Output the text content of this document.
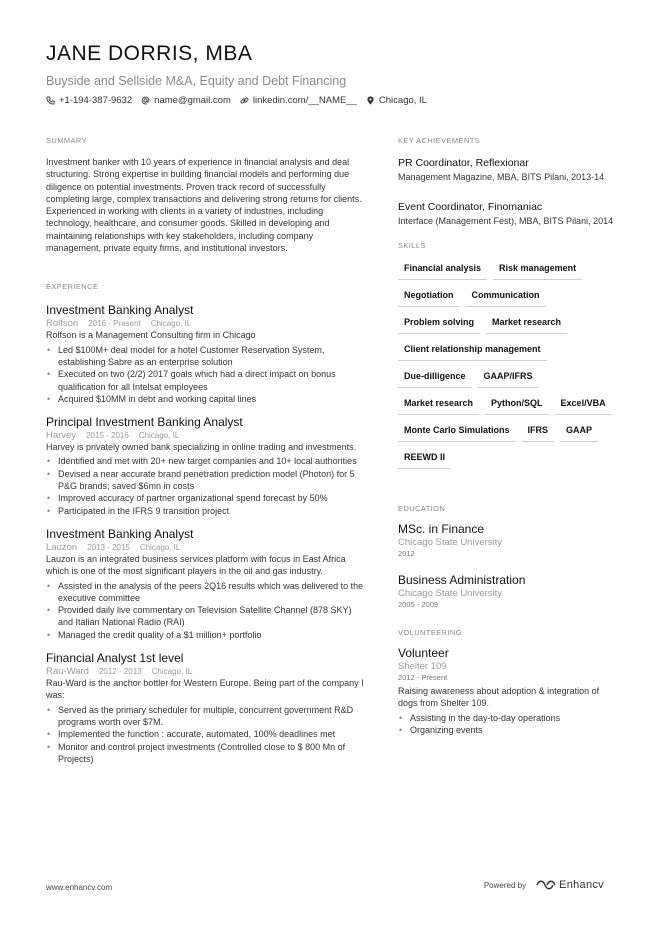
JANE DORRIS, MBA
Buyside and Sellside M&A, Equity and Debt Financing
+1-194-387-9632 name@gmail.com linkedin.com/__NAME__ Chicago, IL
SUMMARY
Investment banker with 10 years of experience in financial analysis and deal structuring. Strong expertise in building financial models and performing due diligence on potential investments. Proven track record of successfully completing large, complex transactions and delivering strong returns for clients. Experienced in working with clients in a variety of industries, including technology, healthcare, and consumer goods. Skilled in developing and maintaining relationships with key stakeholders, including company management, private equity firms, and institutional investors.
EXPERIENCE
Investment Banking Analyst
Rolfson 2016 - Present Chicago, IL
Rolfson is a Management Consulting firm in Chicago
• Led $100M+ deal model for a hotel Customer Reservation System, establishing Sabre as an enterprise solution
• Executed on two (2/2) 2017 goals which had a direct impact on bonus qualification for all Intelsat employees
• Acquired $10MM in debt and working capital lines
Principal Investment Banking Analyst
Harvey 2015 - 2016 Chicago, IL
Harvey is privately owned bank specializing in online trading and investments.
• Identified and met with 20+ new target companies and 10+ local authorities
• Devised a near accurate brand penetration prediction model (Photon) for 5 P&G brands; saved $6mn in costs
• Improved accuracy of partner organizational spend forecast by 50%
• Participated in the IFRS 9 transition project
Investment Banking Analyst
Lauzon 2013 - 2015 Chicago, IL
Lauzon is an integrated business services platform with focus in East Africa which is one of the most significant players in the oil and gas industry.
• Assisted in the analysis of the peers 2Q16 results which was delivered to the executive committee
• Provided daily live commentary on Television Satellite Channel (878 SKY) and Italian National Radio (RAI)
• Managed the credit quality of a $1 million+ portfolio
Financial Analyst 1st level
Rau-Ward 2012 - 2013 Chicago, IL
Rau-Ward is the anchor bottler for Western Europe. Being part of the company I was:
• Served as the primary scheduler for multiple, concurrent government R&D programs worth over $7M.
• Implemented the function : accurate, automated, 100% deadlines met
• Monitor and control project investments (Controlled close to $ 800 Mn of Projects)
KEY ACHIEVEMENTS
PR Coordinator, Reflexionar
Management Magazine, MBA, BITS Pilani, 2013-14
Event Coordinator, Finomaniac
Interface (Management Fest), MBA, BITS Pilani, 2014
SKILLS
Financial analysis	Risk management
Negotiation	Communication
Problem solving	Market research
Client relationship management
Due-dilligence	GAAP/IFRS
Market research	Python/SQL	Excel/VBA
Monte Carlo Simulations	IFRS	GAAP
REEWD II
EDUCATION
MSc. in Finance
Chicago State University
2012
Business Administration
Chicago State University
2005 - 2009
VOLUNTEERING
Volunteer
Shelter 109
2012 - Present
Raising awareness about adoption & integration of dogs from Shelter 109.
• Assisting in the day-to-day operations
• Organizing events
www.enhancv.com	Powered by	Enhancv
